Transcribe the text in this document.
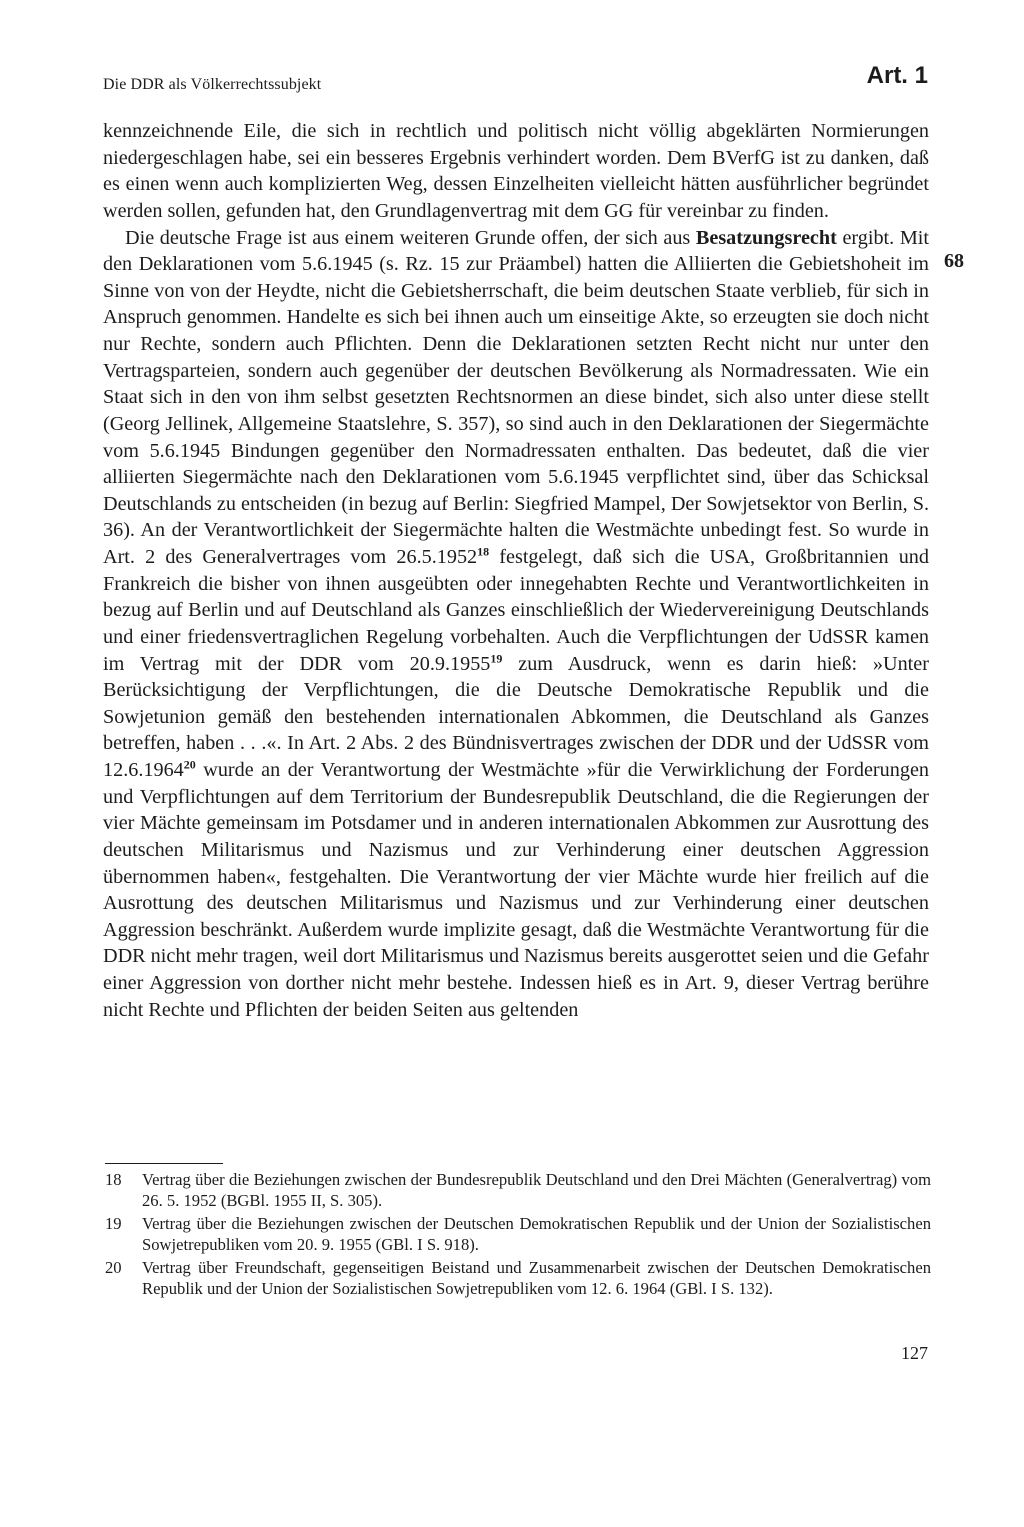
Die DDR als Völkerrechtssubjekt	Art. 1
68

kennzeichnende Eile, die sich in rechtlich und politisch nicht völlig abgeklärten Normierungen niedergeschlagen habe, sei ein besseres Ergebnis verhindert worden. Dem BVerfG ist zu danken, daß es einen wenn auch komplizierten Weg, dessen Einzelheiten vielleicht hätten ausführlicher begründet werden sollen, gefunden hat, den Grundlagenvertrag mit dem GG für vereinbar zu finden.

Die deutsche Frage ist aus einem weiteren Grunde offen, der sich aus Besatzungsrecht ergibt. Mit den Deklarationen vom 5.6.1945 (s. Rz. 15 zur Präambel) hatten die Alliierten die Gebietshoheit im Sinne von von der Heydte, nicht die Gebietsherrschaft, die beim deutschen Staate verblieb, für sich in Anspruch genommen. Handelte es sich bei ihnen auch um einseitige Akte, so erzeugten sie doch nicht nur Rechte, sondern auch Pflichten. Denn die Deklarationen setzten Recht nicht nur unter den Vertragsparteien, sondern auch gegenüber der deutschen Bevölkerung als Normadressaten. Wie ein Staat sich in den von ihm selbst gesetzten Rechtsnormen an diese bindet, sich also unter diese stellt (Georg Jellinek, Allgemeine Staatslehre, S. 357), so sind auch in den Deklarationen der Siegermächte vom 5.6.1945 Bindungen gegenüber den Normadressaten enthalten. Das bedeutet, daß die vier alliierten Siegermächte nach den Deklarationen vom 5.6.1945 verpflichtet sind, über das Schicksal Deutschlands zu entscheiden (in bezug auf Berlin: Siegfried Mampel, Der Sowjetsektor von Berlin, S. 36). An der Verantwortlichkeit der Siegermächte halten die Westmächte unbedingt fest. So wurde in Art. 2 des Generalvertrages vom 26.5.1952$^{18}$ festgelegt, daß sich die USA, Großbritannien und Frankreich die bisher von ihnen ausgeübten oder innegehabten Rechte und Verantwortlichkeiten in bezug auf Berlin und auf Deutschland als Ganzes einschließlich der Wiedervereinigung Deutschlands und einer friedensvertraglichen Regelung vorbehalten. Auch die Verpflichtungen der UdSSR kamen im Vertrag mit der DDR vom 20.9.1955$^{19}$ zum Ausdruck, wenn es darin hieß: »Unter Berücksichtigung der Verpflichtungen, die die Deutsche Demokratische Republik und die Sowjetunion gemäß den bestehenden internationalen Abkommen, die Deutschland als Ganzes betreffen, haben . . .«. In Art. 2 Abs. 2 des Bündnisvertrages zwischen der DDR und der UdSSR vom 12.6.1964$^{20}$ wurde an der Verantwortung der Westmächte »für die Verwirklichung der Forderungen und Verpflichtungen auf dem Territorium der Bundesrepublik Deutschland, die die Regierungen der vier Mächte gemeinsam im Potsdamer und in anderen internationalen Abkommen zur Ausrottung des deutschen Militarismus und Nazismus und zur Verhinderung einer deutschen Aggression übernommen haben«, festgehalten. Die Verantwortung der vier Mächte wurde hier freilich auf die Ausrottung des deutschen Militarismus und Nazismus und zur Verhinderung einer deutschen Aggression beschränkt. Außerdem wurde implizite gesagt, daß die Westmächte Verantwortung für die DDR nicht mehr tragen, weil dort Militarismus und Nazismus bereits ausgerottet seien und die Gefahr einer Aggression von dorther nicht mehr bestehe. Indessen hieß es in Art. 9, dieser Vertrag berühre nicht Rechte und Pflichten der beiden Seiten aus geltenden

18	Vertrag über die Beziehungen zwischen der Bundesrepublik Deutschland und den Drei Mächten (Generalvertrag) vom 26. 5. 1952 (BGBl. 1955 II, S. 305).
19	Vertrag über die Beziehungen zwischen der Deutschen Demokratischen Republik und der Union der Sozialistischen Sowjetrepubliken vom 20. 9. 1955 (GBl. I S. 918).
20	Vertrag über Freundschaft, gegenseitigen Beistand und Zusammenarbeit zwischen der Deutschen Demokratischen Republik und der Union der Sozialistischen Sowjetrepubliken vom 12. 6. 1964 (GBl. I S. 132).
127
